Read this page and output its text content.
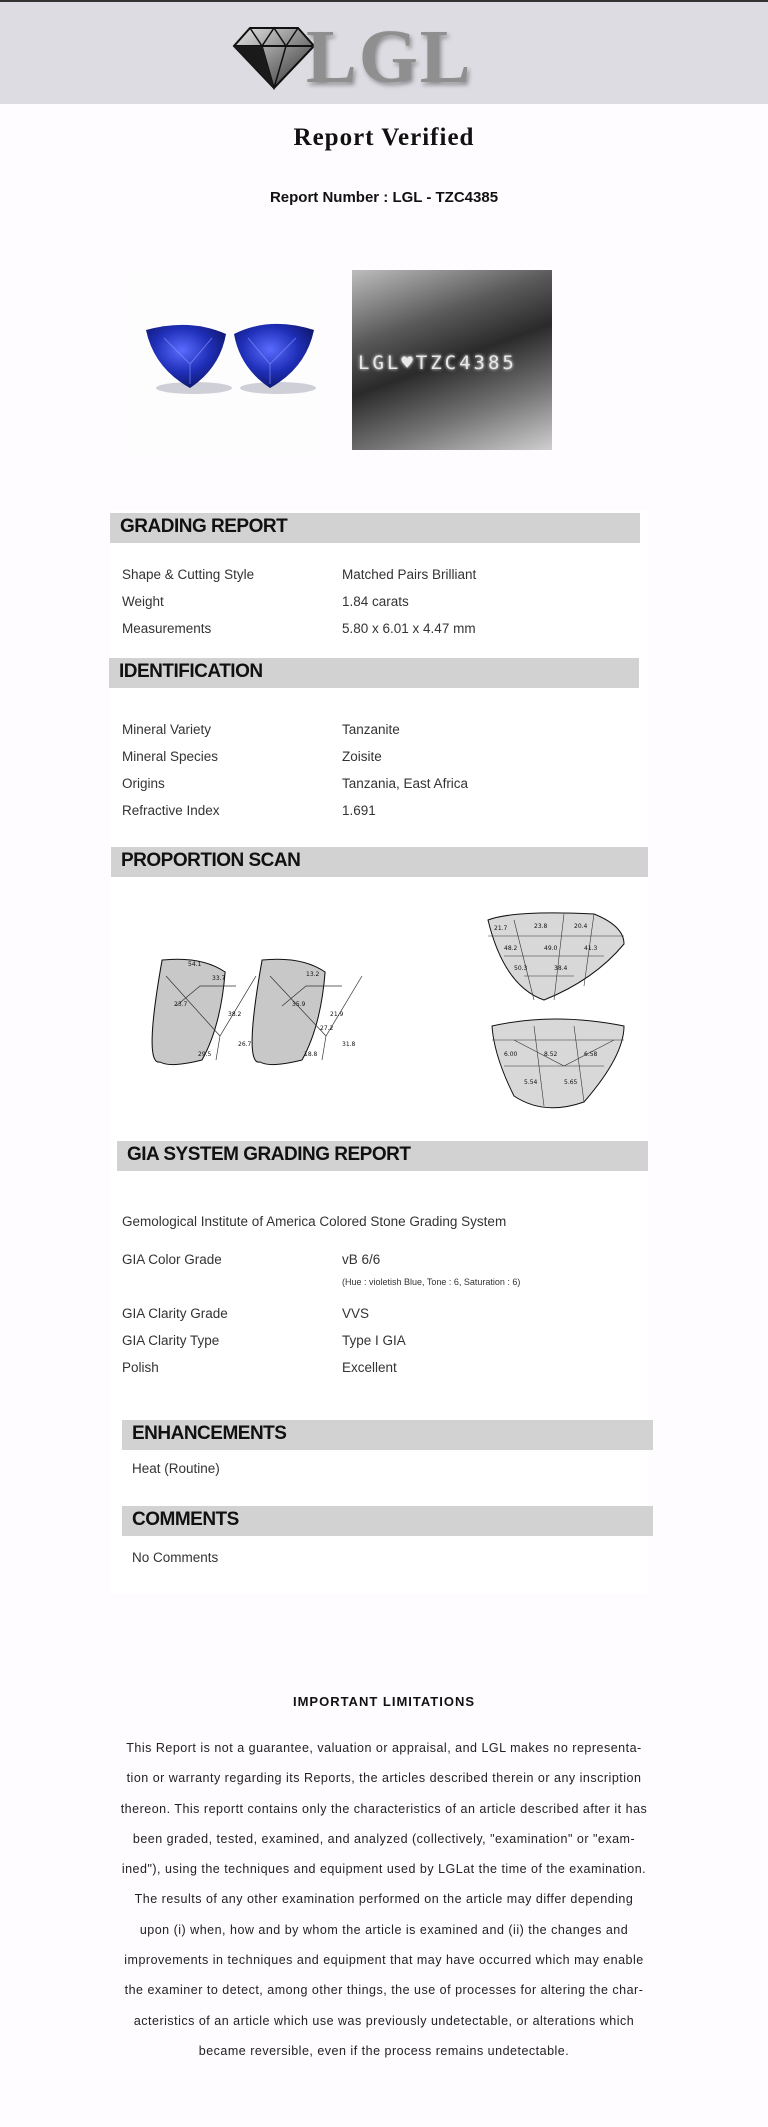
LGL
Report Verified
Report Number : LGL - TZC4385
LGL♥TZC4385
GRADING REPORT
Shape & Cutting Style	Matched Pairs Brilliant
Weight	1.84 carats
Measurements	5.80 x 6.01 x 4.47 mm
IDENTIFICATION
Mineral Variety	Tanzanite
Mineral Species	Zoisite
Origins	Tanzania, East Africa
Refractive Index	1.691
PROPORTION SCAN
54.1
33.7
23.7
38.2
29.5
26.7
13.2
35.9
21.9
18.8
31.8
27.2
21.7	23.8	20.4
48.2	49.0	41.3
50.3	38.4
6.00	8.52	6.58
5.54	5.65
GIA SYSTEM GRADING REPORT
Gemological Institute of America Colored Stone Grading System
GIA Color Grade	vB 6/6
(Hue : violetish Blue, Tone : 6, Saturation : 6)
GIA Clarity Grade	VVS
GIA Clarity Type	Type I GIA
Polish	Excellent
ENHANCEMENTS
Heat (Routine)
COMMENTS
No Comments
IMPORTANT LIMITATIONS
This Report is not a guarantee, valuation or appraisal, and LGL makes no representa-tion or warranty regarding its Reports, the articles described therein or any inscription thereon. This reportt contains only the characteristics of an article described after it has been graded, tested, examined, and analyzed (collectively, "examination" or "exam-ined"), using the techniques and equipment used by LGLat the time of the examination. The results of any other examination performed on the article may differ depending upon (i) when, how and by whom the article is examined and (ii) the changes and improvements in techniques and equipment that may have occurred which may enable the examiner to detect, among other things, the use of processes for altering the char-acteristics of an article which use was previously undetectable, or alterations which became reversible, even if the process remains undetectable.
